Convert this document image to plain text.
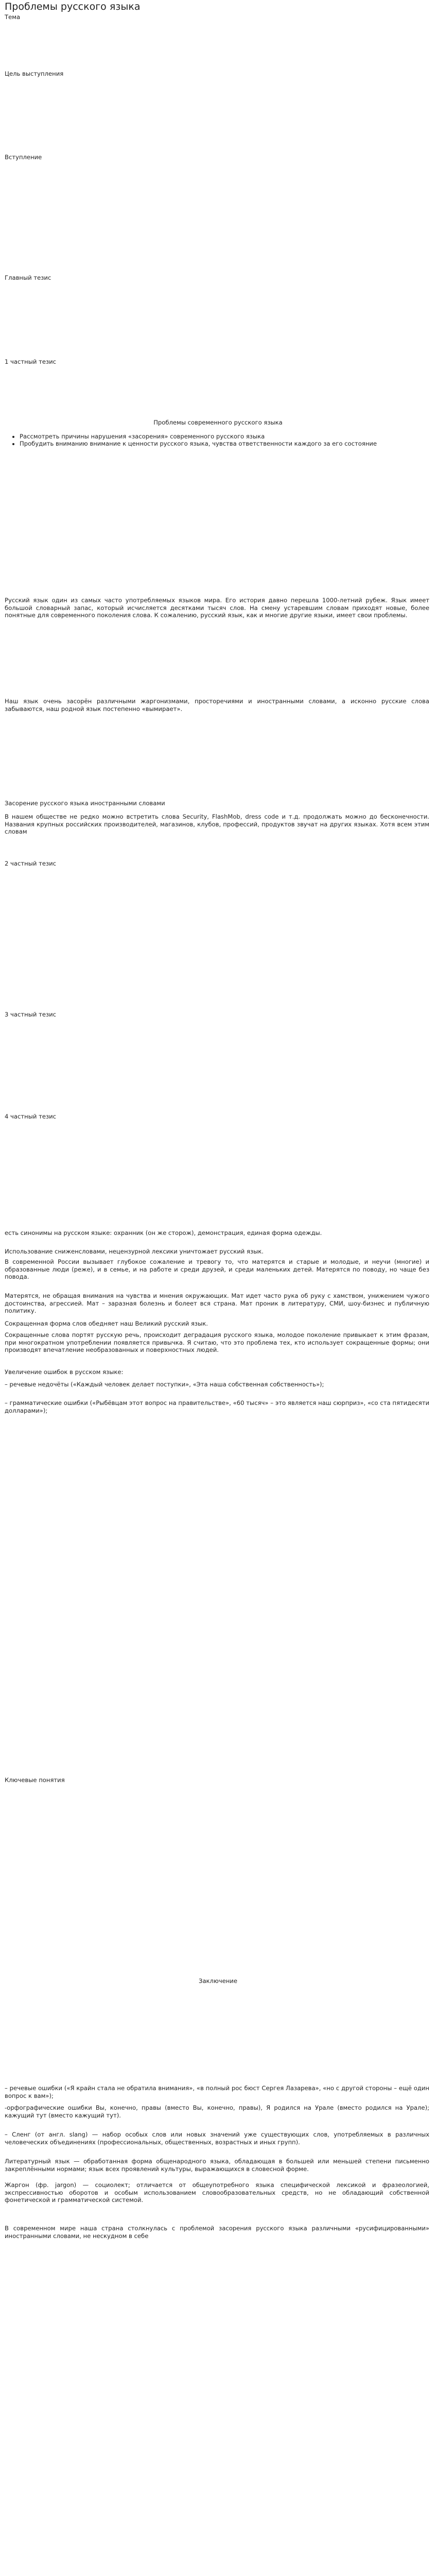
Проблемы русского языка
Тема
Цель выступления
Вступление
Главный тезис
1 частный тезис
Проблемы современного русского языка
• Рассмотреть причины нарушения «засорения» современного русского языка
• Пробудить вниманию внимание к ценности русского языка, чувства ответственности каждого за его состояние

Русский язык один из самых часто употребляемых языков мира. Его история давно перешла 1000-летний рубеж. Язык имеет большой словарный запас, который исчисляется десятками тысяч слов. На смену устаревшим словам приходят новые, более понятные для современного поколения слова. К сожалению, русский язык, как и многие другие языки, имеет свои проблемы.

Наш язык очень засорён различными жаргонизмами, просторечиями и иностранными словами, а исконно русские слова забываются, наш родной язык постепенно «вымирает».

Засорение русского языка иностранными словами

В нашем обществе не редко можно встретить слова Security, FlashMob, dress code и т.д. продолжать можно до бесконечности. Названия крупных российских производителей, магазинов, клубов, профессий, продуктов звучат на других языках. Хотя всем этим словам

2 частный тезис
3 частный тезис
4 частный тезис

есть синонимы на русском языке: охранник (он же сторож), демонстрация, единая форма одежды.

Использование сниженсловами, нецензурной лексики уничтожает русский язык.

В современной России вызывает глубокое сожаление и тревогу то, что матерятся и старые и молодые, и неучи (многие) и образованные люди (реже), и в семье, и на работе и среди друзей, и среди маленьких детей. Матерятся по поводу, но чаще без повода.

Матерятся, не обращая внимания на чувства и мнения окружающих. Мат идет часто рука об руку с хамством, унижением чужого достоинства, агрессией. Мат – заразная болезнь и болеет вся страна. Мат проник в литературу, СМИ, шоу-бизнес и публичную политику.

Сокращенная форма слов обедняет наш Великий русский язык.

Сокращенные слова портят русскую речь, происходит деградация русского языка, молодое поколение привыкает к этим фразам, при многократном употреблении появляется привычка. Я считаю, что это проблема тех, кто использует сокращенные формы; они производят впечатление необразованных и поверхностных людей.

Увеличение ошибок в русском языке:

– речевые недочёты («Каждый человек делает поступки», «Эта наша собственная собственность»);

– грамматические ошибки («Рыбёвцам этот вопрос на правительстве», «60 тысяч» – это является наш сюрприз», «со ста пятидесяти долларами»);

Ключевые понятия
Заключение

– речевые ошибки («Я крайн стала не обратила внимания», «в полный рос бюст Сергея Лазарева», «но с другой стороны – ещё один вопрос к вам»);

-орфографические ошибки Вы, конечно, правы (вместо Вы, конечно, правы), Я родился на Урале (вместо родился на Урале); кажущий тут (вместо кажущий тут).

– Сленг (от англ. slang) — набор особых слов или новых значений уже существующих слов, употребляемых в различных человеческих объединениях (профессиональных, общественных, возрастных и иных групп).

Литературный язык — обработанная форма общенародного языка, обладающая в большей или меньшей степени письменно закреплёнными нормами; язык всех проявлений культуры, выражающихся в словесной форме.

Жаргон (фр. jargon) — социолект; отличается от общеупотребного языка специфической лексикой и фразеологией, экспрессивностью оборотов и особым использованием словообразовательных средств, но не обладающий собственной фонетической и грамматической системой.

В современном мире наша страна столкнулась с проблемой засорения русского языка различными «русифицированными» иностранными словами, не нескудном в себе
